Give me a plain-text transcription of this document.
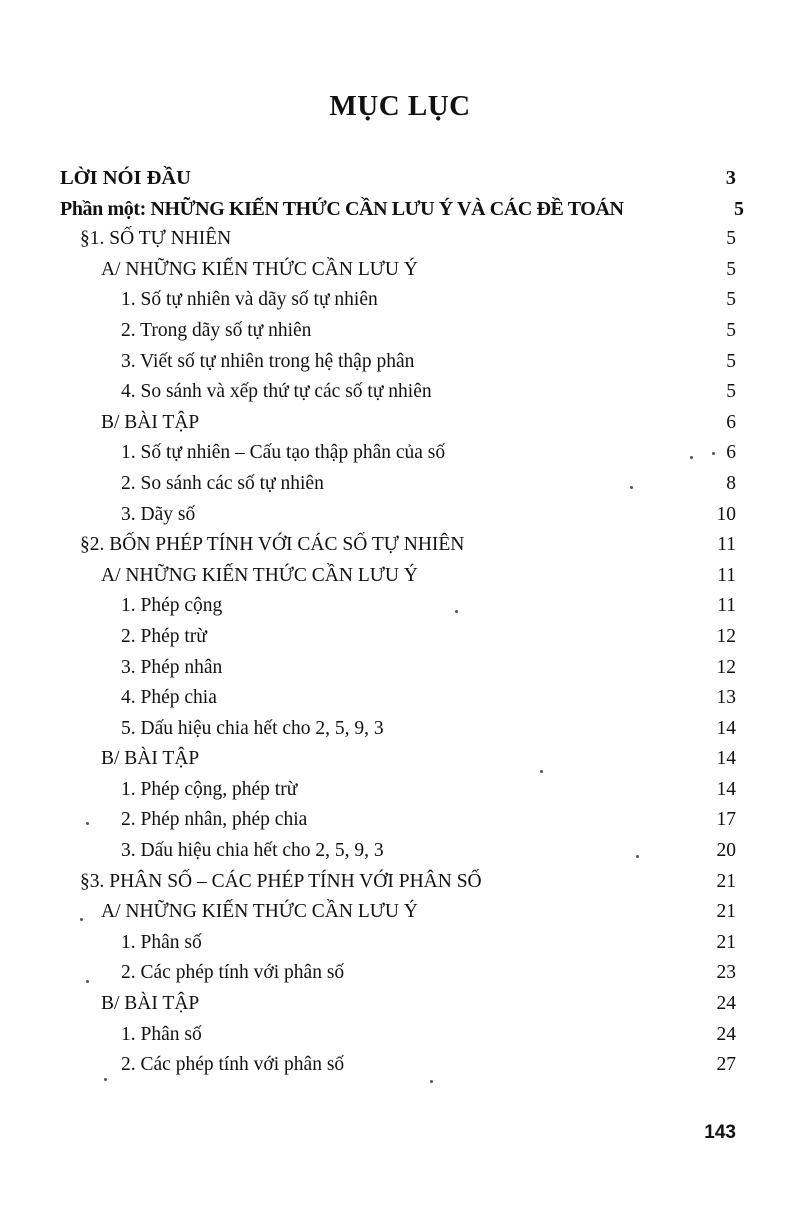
MỤC LỤC
LỜI NÓI ĐẦU	3
Phần một: NHỮNG KIẾN THỨC CẦN LƯU Ý VÀ CÁC ĐỀ TOÁN	5
§1. SỐ TỰ NHIÊN	5
A/ NHỮNG KIẾN THỨC CẦN LƯU Ý	5
1. Số tự nhiên và dãy số tự nhiên	5
2. Trong dãy số tự nhiên	5
3. Viết số tự nhiên trong hệ thập phân	5
4. So sánh và xếp thứ tự các số tự nhiên	5
B/ BÀI TẬP	6
1. Số tự nhiên – Cấu tạo thập phân của số	6
2. So sánh các số tự nhiên	8
3. Dãy số	10
§2. BỐN PHÉP TÍNH VỚI CÁC SỐ TỰ NHIÊN	11
A/ NHỮNG KIẾN THỨC CẦN LƯU Ý	11
1. Phép cộng	11
2. Phép trừ	12
3. Phép nhân	12
4. Phép chia	13
5. Dấu hiệu chia hết cho 2, 5, 9, 3	14
B/ BÀI TẬP	14
1. Phép cộng, phép trừ	14
2. Phép nhân, phép chia	17
3. Dấu hiệu chia hết cho 2, 5, 9, 3	20
§3. PHÂN SỐ – CÁC PHÉP TÍNH VỚI PHÂN SỐ	21
A/ NHỮNG KIẾN THỨC CẦN LƯU Ý	21
1. Phân số	21
2. Các phép tính với phân số	23
B/ BÀI TẬP	24
1. Phân số	24
2. Các phép tính với phân số	27
143
